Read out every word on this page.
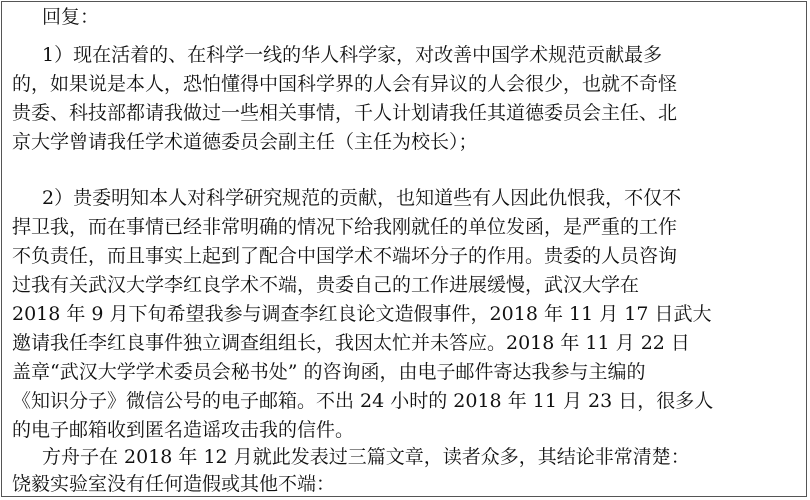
回复：
1）现在活着的、在科学一线的华人科学家，对改善中国学术规范贡献最多
的，如果说是本人，恐怕懂得中国科学界的人会有异议的人会很少，也就不奇怪
贵委、科技部都请我做过一些相关事情，千人计划请我任其道德委员会主任、北
京大学曾请我任学术道德委员会副主任（主任为校长）；
2）贵委明知本人对科学研究规范的贡献，也知道些有人因此仇恨我，不仅不
捍卫我，而在事情已经非常明确的情况下给我刚就任的单位发函，是严重的工作
不负责任，而且事实上起到了配合中国学术不端坏分子的作用。贵委的人员咨询
过我有关武汉大学李红良学术不端，贵委自己的工作进展缓慢，武汉大学在
2018 年 9 月下旬希望我参与调查李红良论文造假事件，2018 年 11 月 17 日武大
邀请我任李红良事件独立调查组组长，我因太忙并未答应。2018 年 11 月 22 日
盖章“武汉大学学术委员会秘书处” 的咨询函，由电子邮件寄达我参与主编的
《知识分子》微信公号的电子邮箱。不出 24 小时的 2018 年 11 月 23 日，很多人
的电子邮箱收到匿名造谣攻击我的信件。
方舟子在 2018 年 12 月就此发表过三篇文章，读者众多，其结论非常清楚：
饶毅实验室没有任何造假或其他不端：
